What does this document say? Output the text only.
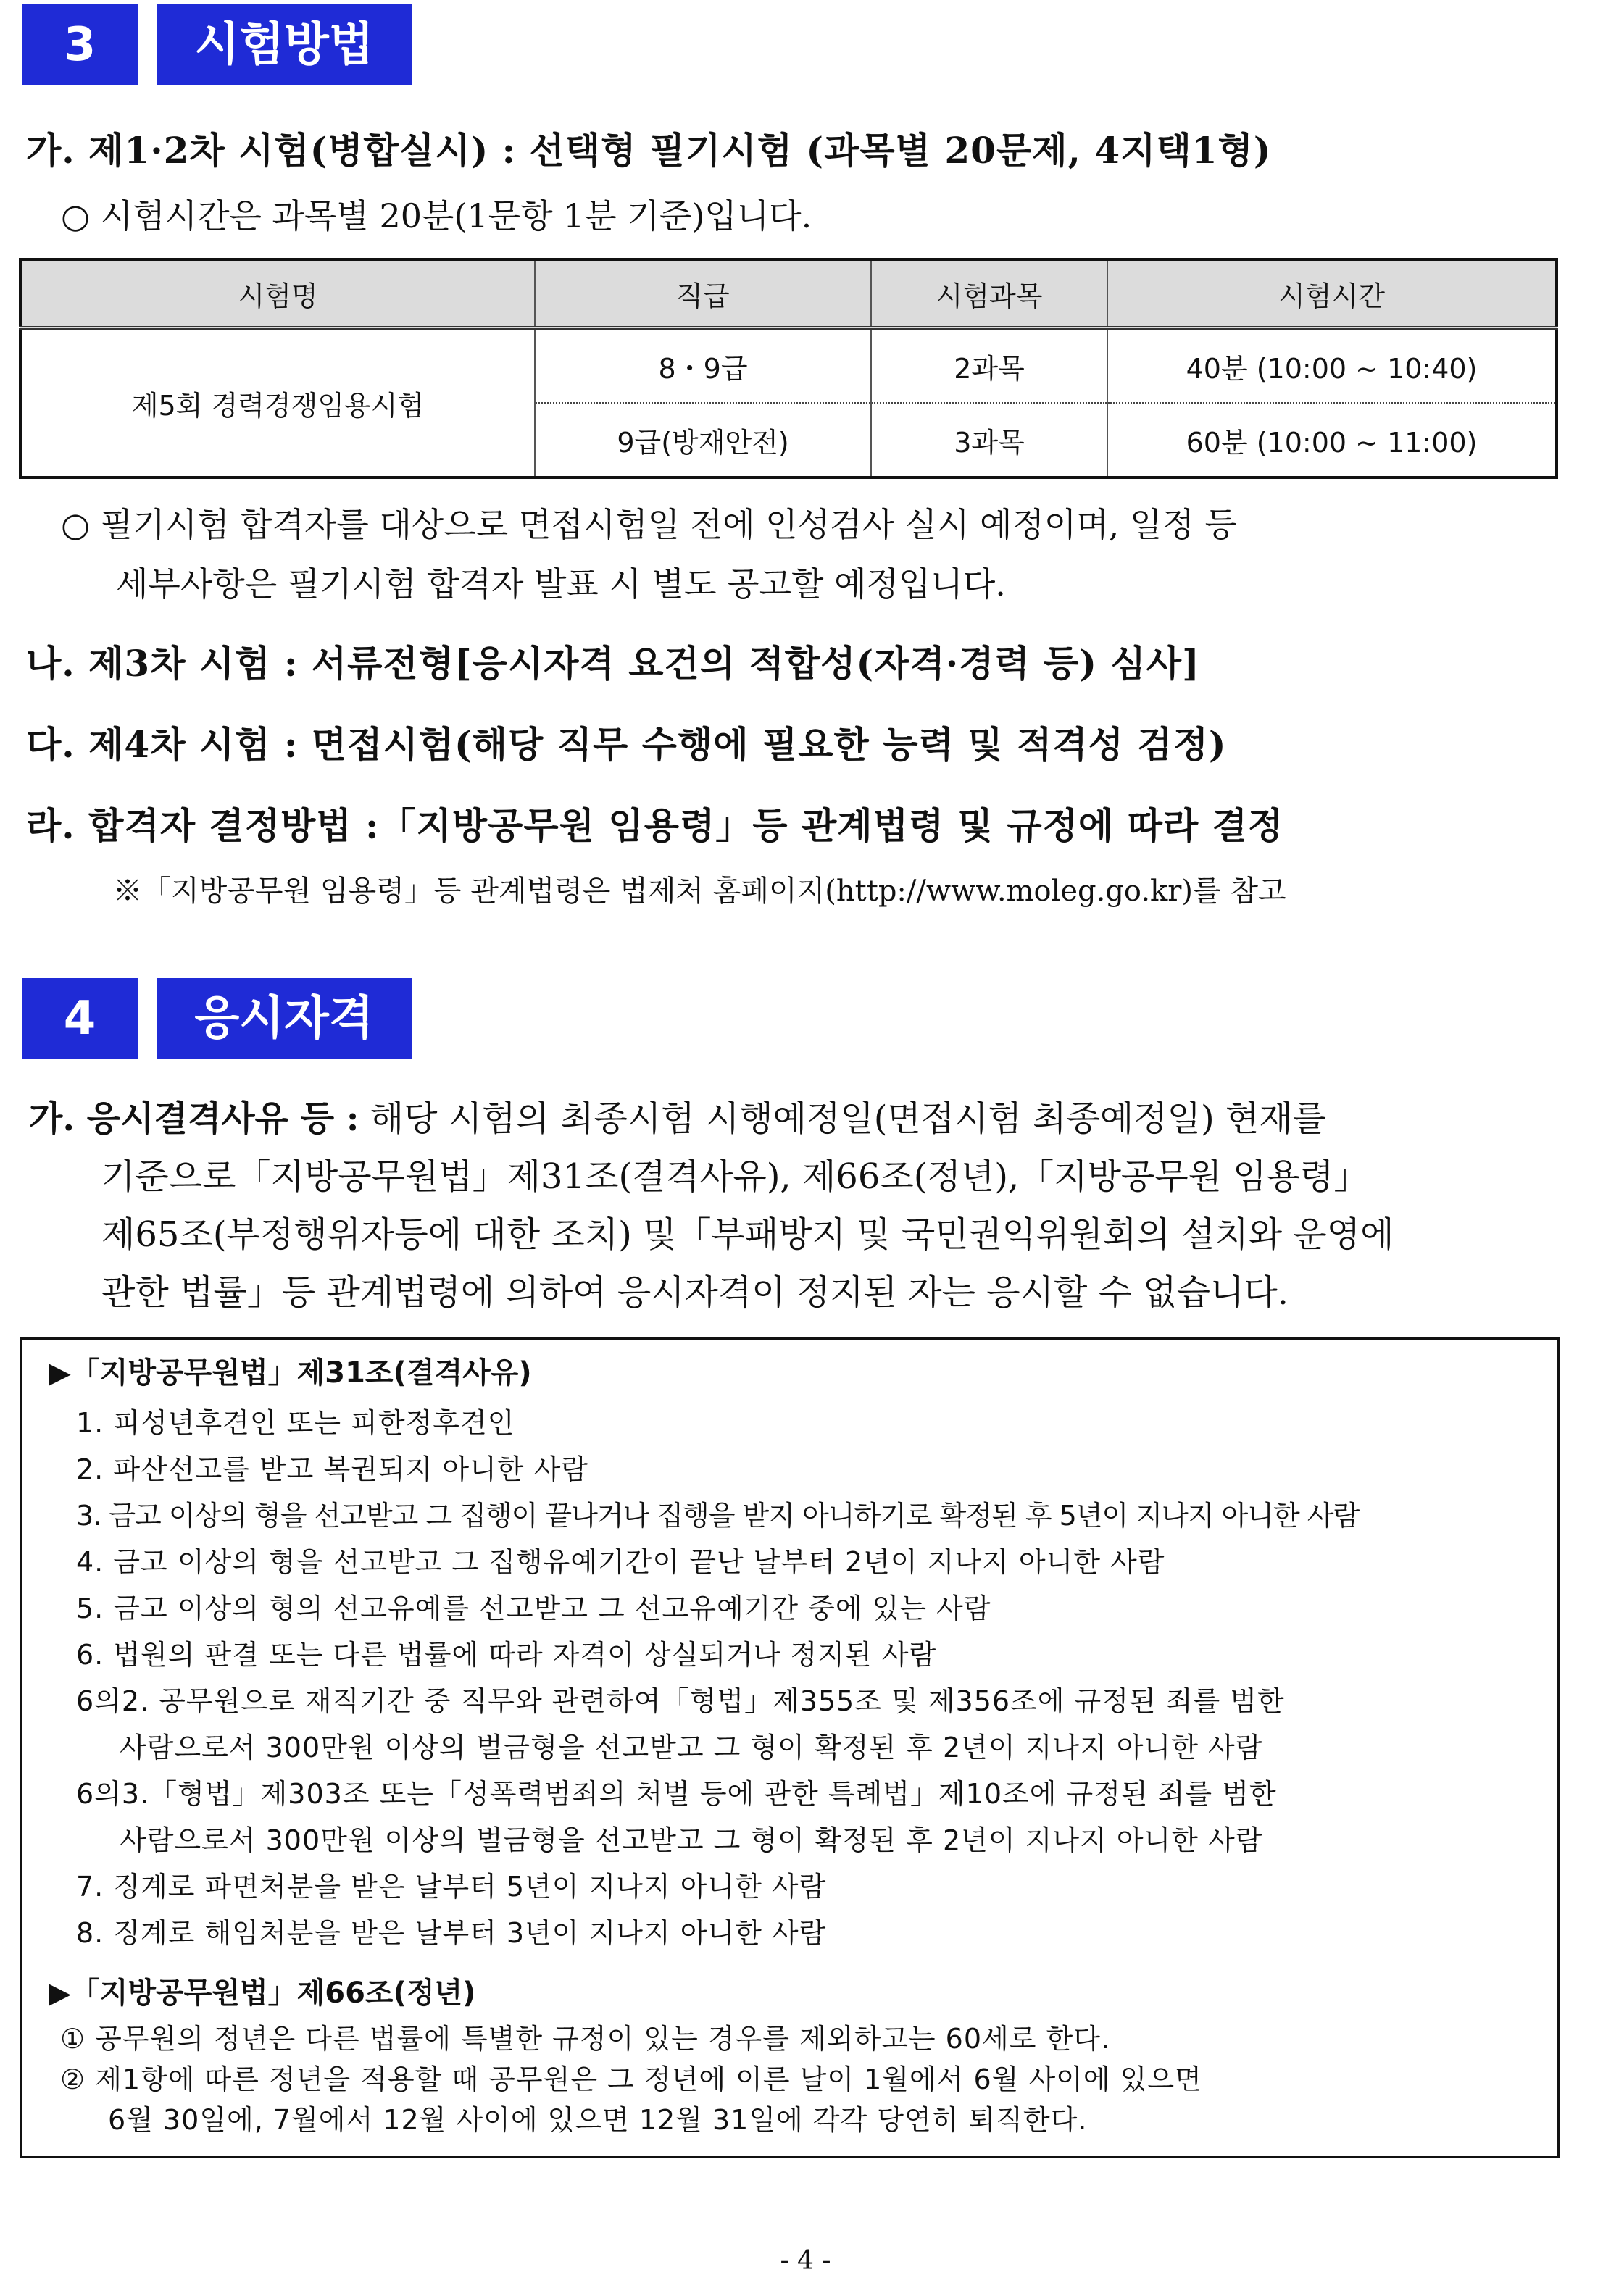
3	시험방법
가. 제1·2차 시험(병합실시) : 선택형 필기시험 (과목별 20문제, 4지택1형)
○ 시험시간은 과목별 20분(1문항 1분 기준)입니다.
시험명	직급	시험과목	시험시간
제5회 경력경쟁임용시험	8・9급	2과목	40분 (10:00 ~ 10:40)
	9급(방재안전)	3과목	60분 (10:00 ~ 11:00)
○ 필기시험 합격자를 대상으로 면접시험일 전에 인성검사 실시 예정이며, 일정 등
세부사항은 필기시험 합격자 발표 시 별도 공고할 예정입니다.
나. 제3차 시험 : 서류전형[응시자격 요건의 적합성(자격·경력 등) 심사]
다. 제4차 시험 : 면접시험(해당 직무 수행에 필요한 능력 및 적격성 검정)
라. 합격자 결정방법 :「지방공무원 임용령」등 관계법령 및 규정에 따라 결정
※「지방공무원 임용령」등 관계법령은 법제처 홈페이지(http://www.moleg.go.kr)를 참고
4	응시자격
가. 응시결격사유 등 : 해당 시험의 최종시험 시행예정일(면접시험 최종예정일) 현재를
기준으로「지방공무원법」제31조(결격사유), 제66조(정년),「지방공무원 임용령」
제65조(부정행위자등에 대한 조치) 및「부패방지 및 국민권익위원회의 설치와 운영에
관한 법률」등 관계법령에 의하여 응시자격이 정지된 자는 응시할 수 없습니다.
▶「지방공무원법」제31조(결격사유)
1. 피성년후견인 또는 피한정후견인
2. 파산선고를 받고 복권되지 아니한 사람
3. 금고 이상의 형을 선고받고 그 집행이 끝나거나 집행을 받지 아니하기로 확정된 후 5년이 지나지 아니한 사람
4. 금고 이상의 형을 선고받고 그 집행유예기간이 끝난 날부터 2년이 지나지 아니한 사람
5. 금고 이상의 형의 선고유예를 선고받고 그 선고유예기간 중에 있는 사람
6. 법원의 판결 또는 다른 법률에 따라 자격이 상실되거나 정지된 사람
6의2. 공무원으로 재직기간 중 직무와 관련하여「형법」제355조 및 제356조에 규정된 죄를 범한
사람으로서 300만원 이상의 벌금형을 선고받고 그 형이 확정된 후 2년이 지나지 아니한 사람
6의3.「형법」제303조 또는「성폭력범죄의 처벌 등에 관한 특례법」제10조에 규정된 죄를 범한
사람으로서 300만원 이상의 벌금형을 선고받고 그 형이 확정된 후 2년이 지나지 아니한 사람
7. 징계로 파면처분을 받은 날부터 5년이 지나지 아니한 사람
8. 징계로 해임처분을 받은 날부터 3년이 지나지 아니한 사람
▶「지방공무원법」제66조(정년)
① 공무원의 정년은 다른 법률에 특별한 규정이 있는 경우를 제외하고는 60세로 한다.
② 제1항에 따른 정년을 적용할 때 공무원은 그 정년에 이른 날이 1월에서 6월 사이에 있으면
6월 30일에, 7월에서 12월 사이에 있으면 12월 31일에 각각 당연히 퇴직한다.
- 4 -
